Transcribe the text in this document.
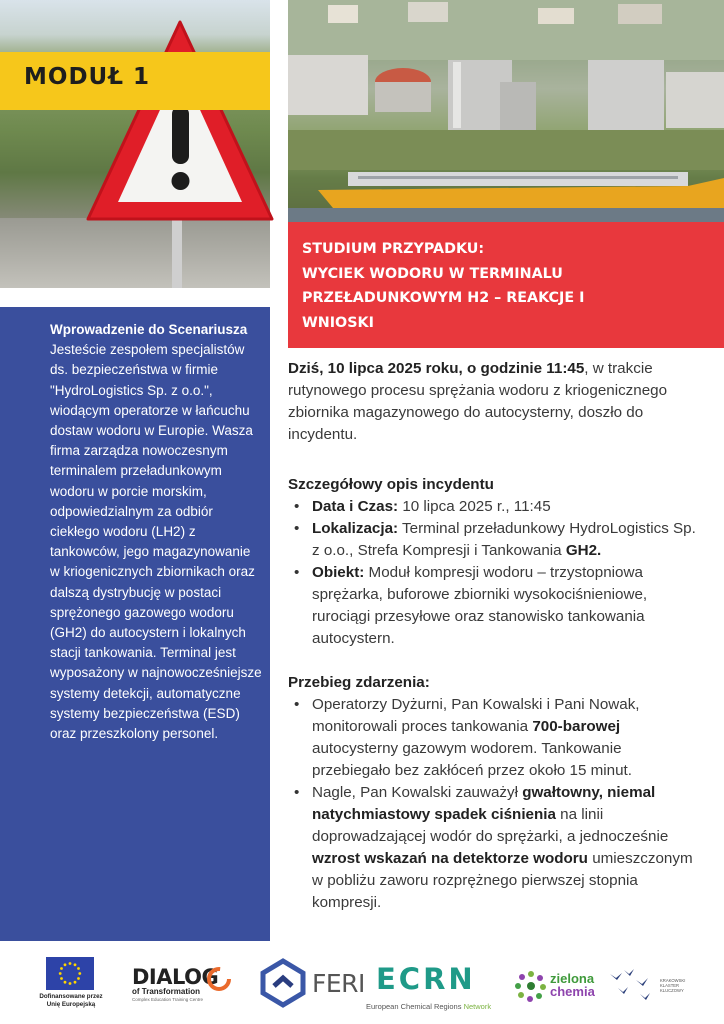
MODUŁ 1
STUDIUM PRZYPADKU:
WYCIEK WODORU W TERMINALU
PRZEŁADUNKOWYM H2 – REAKCJE I
WNIOSKI
Wprowadzenie do Scenariusza

Jesteście zespołem specjalistów ds. bezpieczeństwa w firmie "HydroLogistics Sp. z o.o.", wiodącym operatorze w łańcuchu dostaw wodoru w Europie. Wasza firma zarządza nowoczesnym terminalem przeładunkowym wodoru w porcie morskim, odpowiedzialnym za odbiór ciekłego wodoru (LH2) z tankowców, jego magazynowanie w kriogenicznych zbiornikach oraz dalszą dystrybucję w postaci sprężonego gazowego wodoru (GH2) do autocystern i lokalnych stacji tankowania. Terminal jest wyposażony w najnowocześniejsze systemy detekcji, automatyczne systemy bezpieczeństwa (ESD) oraz przeszkolony personel.

Dziś, 10 lipca 2025 roku, o godzinie 11:45, w trakcie rutynowego procesu sprężania wodoru z kriogenicznego zbiornika magazynowego do autocysterny, doszło do incydentu.

Szczegółowy opis incydentu

• Data i Czas: 10 lipca 2025 r., 11:45
• Lokalizacja: Terminal przeładunkowy HydroLogistics Sp. z o.o., Strefa Kompresji i Tankowania GH2.
• Obiekt: Moduł kompresji wodoru – trzystopniowa sprężarka, buforowe zbiorniki wysokociśnieniowe, rurociągi przesyłowe oraz stanowisko tankowania autocystern.

Przebieg zdarzenia:

• Operatorzy Dyżurni, Pan Kowalski i Pani Nowak, monitorowali proces tankowania 700-barowej autocysterny gazowym wodorem. Tankowanie przebiegało bez zakłóceń przez około 15 minut.
• Nagle, Pan Kowalski zauważył gwałtowny, niemal natychmiastowy spadek ciśnienia na linii doprowadzającej wodór do sprężarki, a jednocześnie wzrost wskazań na detektorze wodoru umieszczonym w pobliżu zaworu rozprężnego pierwszej stopnia kompresji.
Dofinansowane przez
Unię Europejską
DIALOG
of Transformation
Complex Education Training Centre
FERI ECRN
European Chemical Regions Network
zielona
chemia
KRAKOWSKI KLASTER KLUCZOWY
